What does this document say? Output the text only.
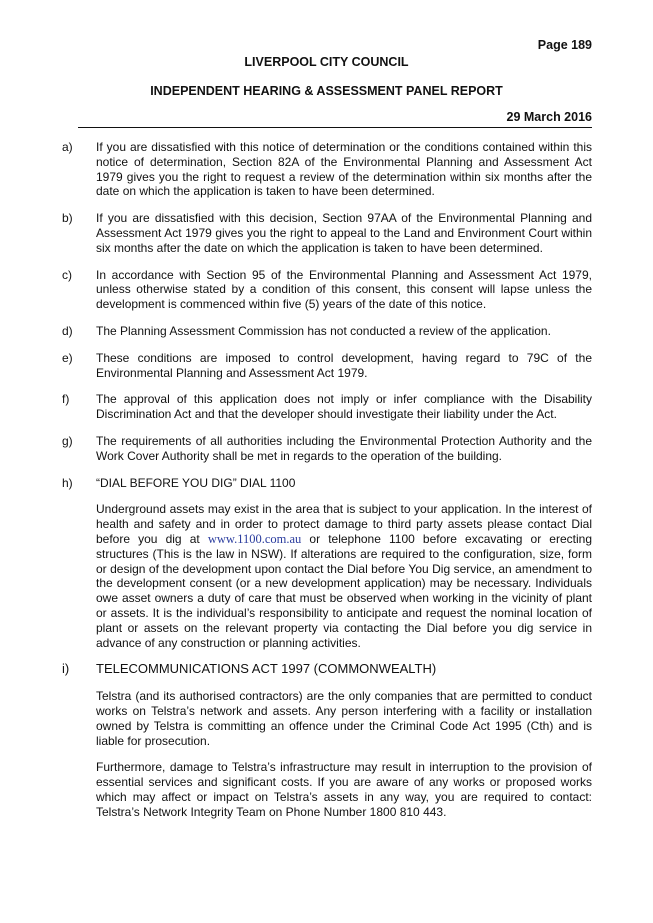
Page 189
LIVERPOOL CITY COUNCIL
INDEPENDENT HEARING & ASSESSMENT PANEL REPORT
29 March 2016
a)	If you are dissatisfied with this notice of determination or the conditions contained within this notice of determination, Section 82A of the Environmental Planning and Assessment Act 1979 gives you the right to request a review of the determination within six months after the date on which the application is taken to have been determined.
b)	If you are dissatisfied with this decision, Section 97AA of the Environmental Planning and Assessment Act 1979 gives you the right to appeal to the Land and Environment Court within six months after the date on which the application is taken to have been determined.
c)	In accordance with Section 95 of the Environmental Planning and Assessment Act 1979, unless otherwise stated by a condition of this consent, this consent will lapse unless the development is commenced within five (5) years of the date of this notice.
d)	The Planning Assessment Commission has not conducted a review of the application.
e)	These conditions are imposed to control development, having regard to 79C of the Environmental Planning and Assessment Act 1979.
f)	The approval of this application does not imply or infer compliance with the Disability Discrimination Act and that the developer should investigate their liability under the Act.
g)	The requirements of all authorities including the Environmental Protection Authority and the Work Cover Authority shall be met in regards to the operation of the building.
h)	“DIAL BEFORE YOU DIG” DIAL 1100
Underground assets may exist in the area that is subject to your application. In the interest of health and safety and in order to protect damage to third party assets please contact Dial before you dig at www.1100.com.au or telephone 1100 before excavating or erecting structures (This is the law in NSW). If alterations are required to the configuration, size, form or design of the development upon contact the Dial before You Dig service, an amendment to the development consent (or a new development application) may be necessary. Individuals owe asset owners a duty of care that must be observed when working in the vicinity of plant or assets. It is the individual’s responsibility to anticipate and request the nominal location of plant or assets on the relevant property via contacting the Dial before you dig service in advance of any construction or planning activities.
i)	TELECOMMUNICATIONS ACT 1997 (COMMONWEALTH)
Telstra (and its authorised contractors) are the only companies that are permitted to conduct works on Telstra’s network and assets. Any person interfering with a facility or installation owned by Telstra is committing an offence under the Criminal Code Act 1995 (Cth) and is liable for prosecution.
Furthermore, damage to Telstra’s infrastructure may result in interruption to the provision of essential services and significant costs. If you are aware of any works or proposed works which may affect or impact on Telstra’s assets in any way, you are required to contact: Telstra’s Network Integrity Team on Phone Number 1800 810 443.
